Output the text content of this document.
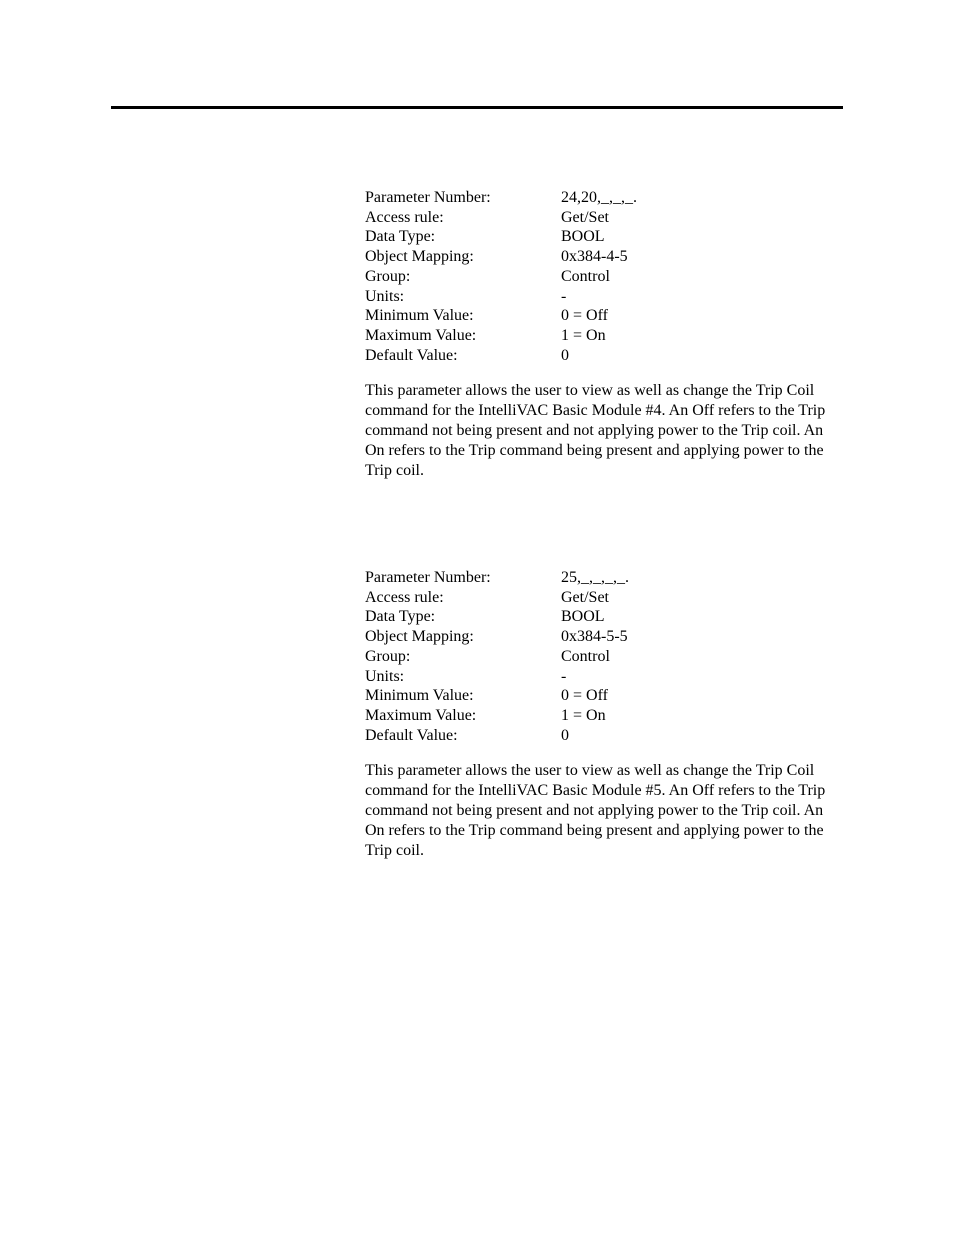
Parameter Number:	24,20,_,_,_.
Access rule:	Get/Set
Data Type:	BOOL
Object Mapping:	0x384-4-5
Group:	Control
Units:	-
Minimum Value:	0 = Off
Maximum Value:	1 = On
Default Value:	0

This parameter allows the user to view as well as change the Trip Coil command for the IntelliVAC Basic Module #4. An Off refers to the Trip command not being present and not applying power to the Trip coil. An On refers to the Trip command being present and applying power to the Trip coil.

Parameter Number:	25,_,_,_,_.
Access rule:	Get/Set
Data Type:	BOOL
Object Mapping:	0x384-5-5
Group:	Control
Units:	-
Minimum Value:	0 = Off
Maximum Value:	1 = On
Default Value:	0

This parameter allows the user to view as well as change the Trip Coil command for the IntelliVAC Basic Module #5. An Off refers to the Trip command not being present and not applying power to the Trip coil. An On refers to the Trip command being present and applying power to the Trip coil.
